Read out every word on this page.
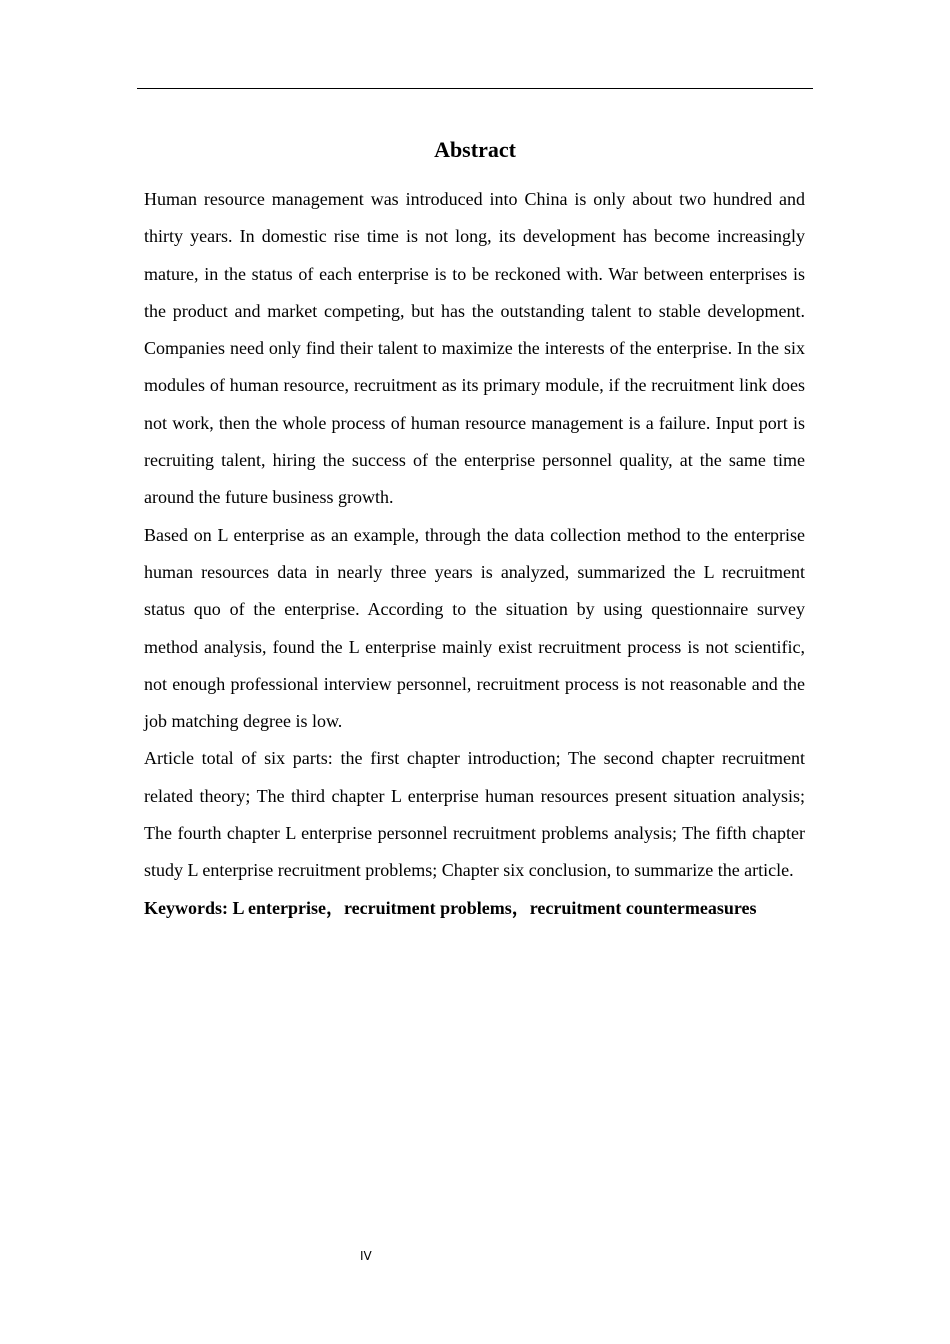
Abstract

Human resource management was introduced into China is only about two hundred and thirty years. In domestic rise time is not long, its development has become increasingly mature, in the status of each enterprise is to be reckoned with. War between enterprises is the product and market competing, but has the outstanding talent to stable development. Companies need only find their talent to maximize the interests of the enterprise. In the six modules of human resource, recruitment as its primary module, if the recruitment link does not work, then the whole process of human resource management is a failure. Input port is recruiting talent, hiring the success of the enterprise personnel quality, at the same time around the future business growth.

Based on L enterprise as an example, through the data collection method to the enterprise human resources data in nearly three years is analyzed, summarized the L recruitment status quo of the enterprise. According to the situation by using questionnaire survey method analysis, found the L enterprise mainly exist recruitment process is not scientific, not enough professional interview personnel, recruitment process is not reasonable and the job matching degree is low.

Article total of six parts: the first chapter introduction; The second chapter recruitment related theory; The third chapter L enterprise human resources present situation analysis; The fourth chapter L enterprise personnel recruitment problems analysis; The fifth chapter study L enterprise recruitment problems; Chapter six conclusion, to summarize the article.

Keywords: L enterprise，recruitment problems，recruitment countermeasures

IV
